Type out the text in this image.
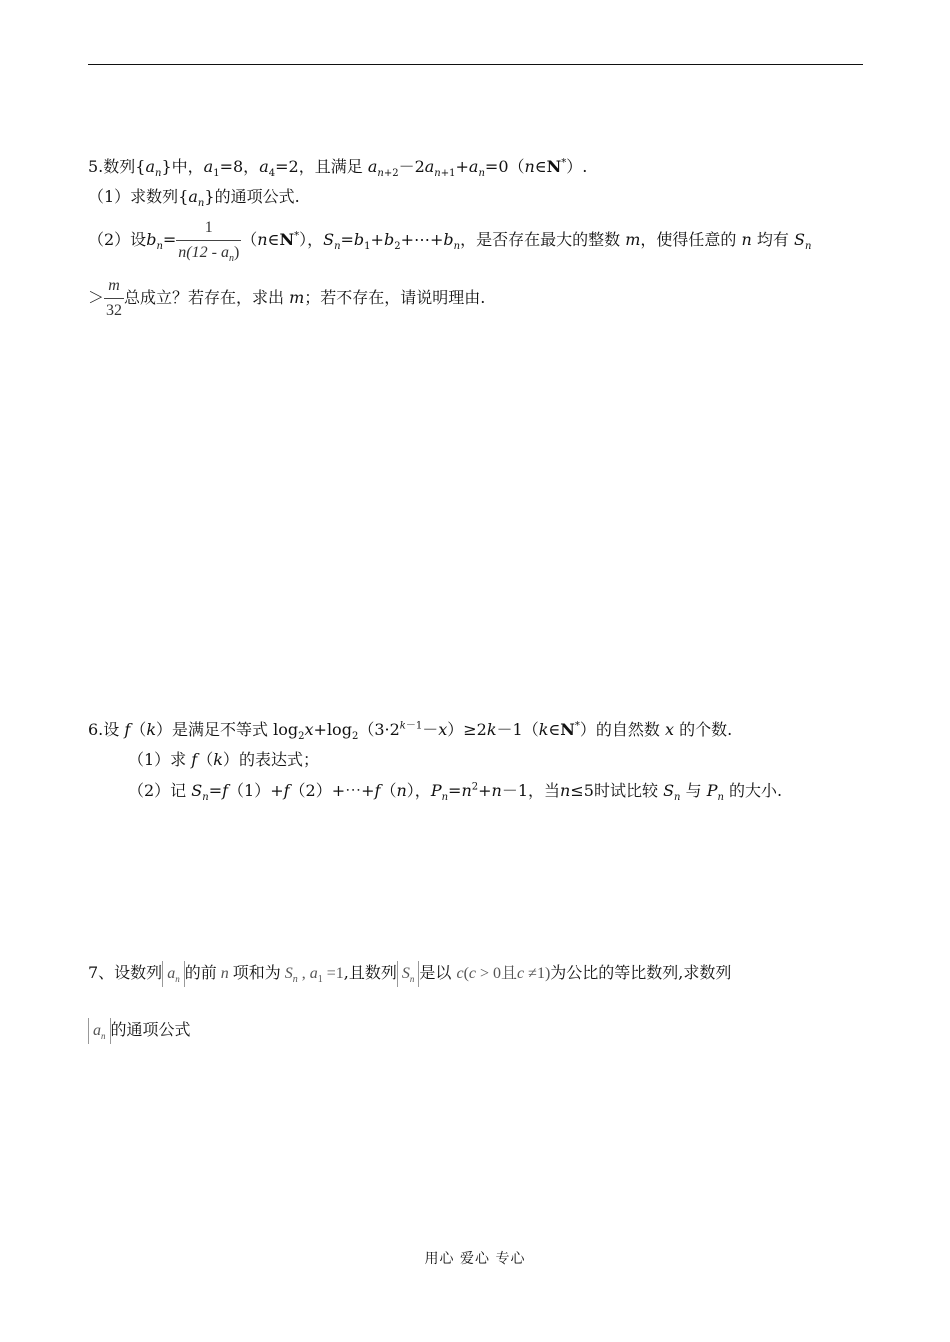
5.数列$\{a_n\}$中，$a_1=8$，$a_4=2$，且满足 $a_{n+2}-2a_{n+1}+a_n=0(n\in N^*)$.
（1）求数列$\{a_n\}$的通项公式.
（2）设$b_n= \frac{1}{n(12 - a_n)}$ （n∈N*），$S_n=b_1+b_2+\cdots+b_n$，是否存在最大的整数 m，使得任意的 n 均有 $S_n$
＞ $\frac{m}{32}$ 总成立？若存在，求出 m；若不存在，请说明理由.
6.设 f（k）是满足不等式 $\log_2x+\log_2(3\cdot 2^{k-1}-x)\ge 2k-1(k\in N^*)$的自然数 x 的个数.
（1）求 f（k）的表达式；
（2）记 $S_n=f(1)+f(2)+\cdots+f(n)$，$P_n=n^2+n-1$，当n≤5时试比较 $S_n$ 与 $P_n$ 的大小.
7、设数列 $a_n$ 的前 n 项和为 $S_n$ , $a_1 =1$,且数列 $S_n$ 是以 c(c > 0且c ≠1)为公比的等比数列,求数列
$a_n$ 的通项公式
用心 爱心 专心
